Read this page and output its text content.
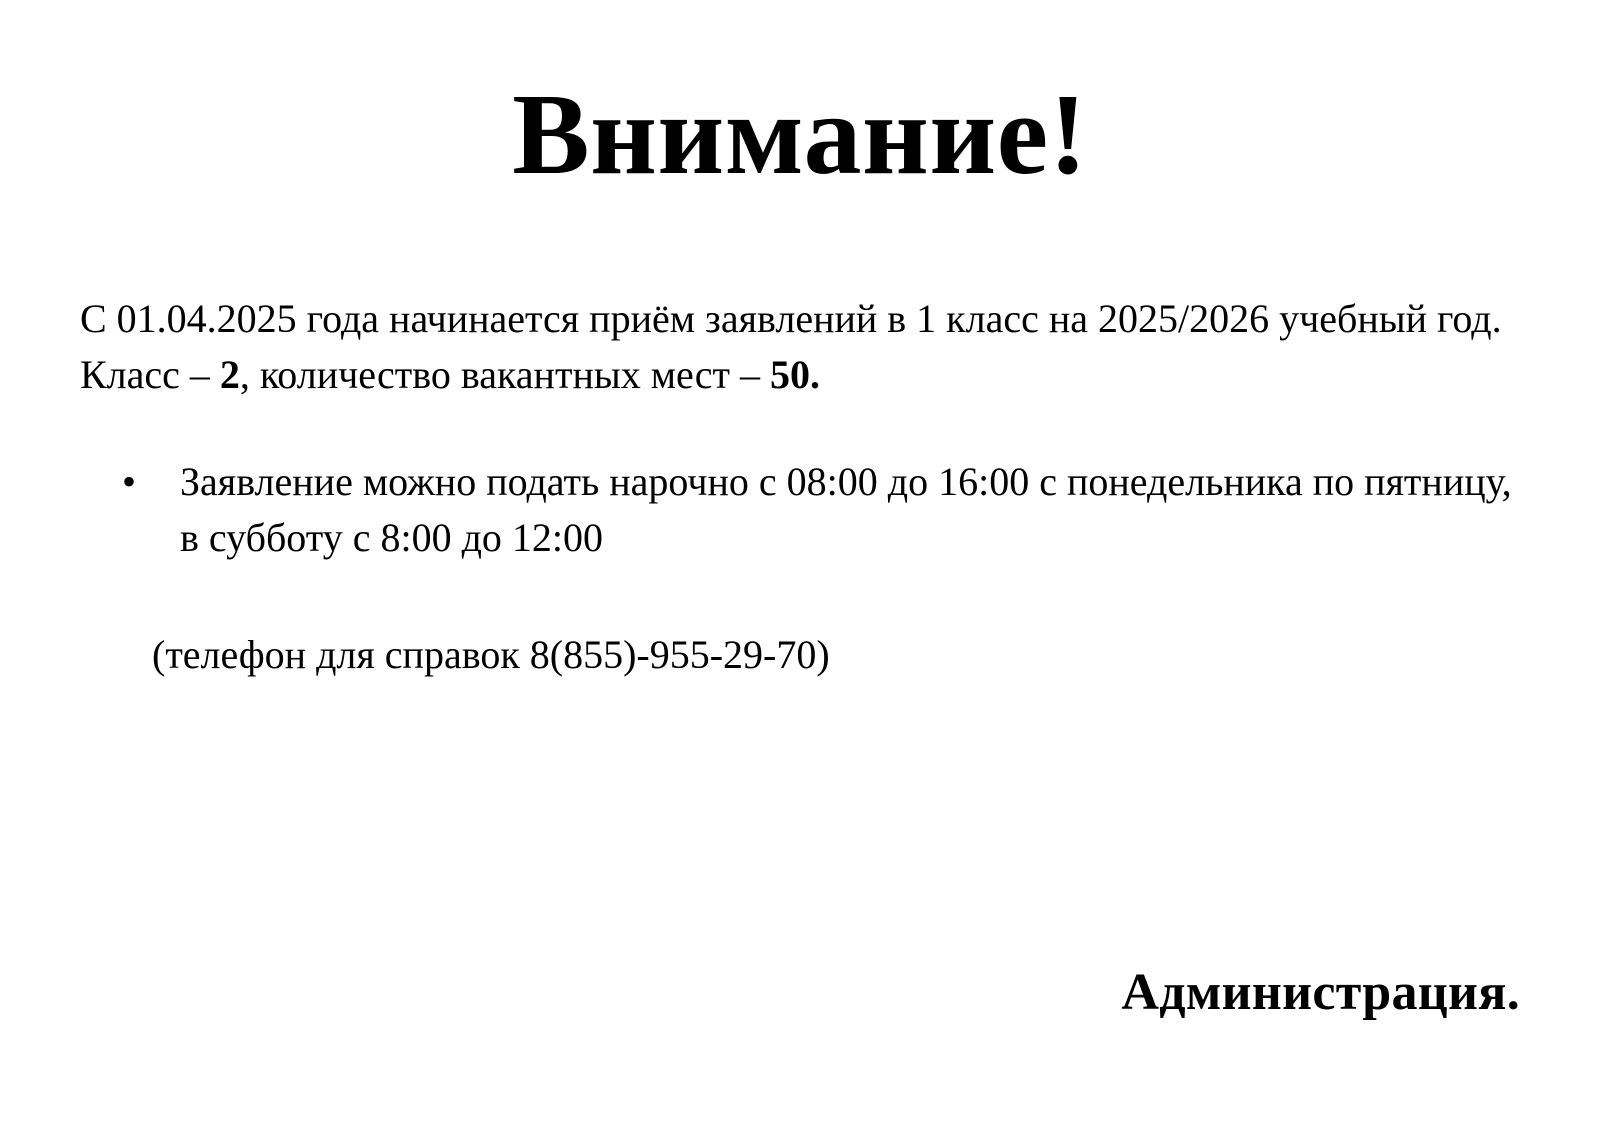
Внимание!

С 01.04.2025 года начинается приём заявлений в 1 класс на 2025/2026 учебный год.

Класс – 2, количество вакантных мест – 50.

• Заявление можно подать нарочно с 08:00 до 16:00 с понедельника по пятницу, в субботу с 8:00 до 12:00

(телефон для справок 8(855)-955-29-70)

Администрация.
